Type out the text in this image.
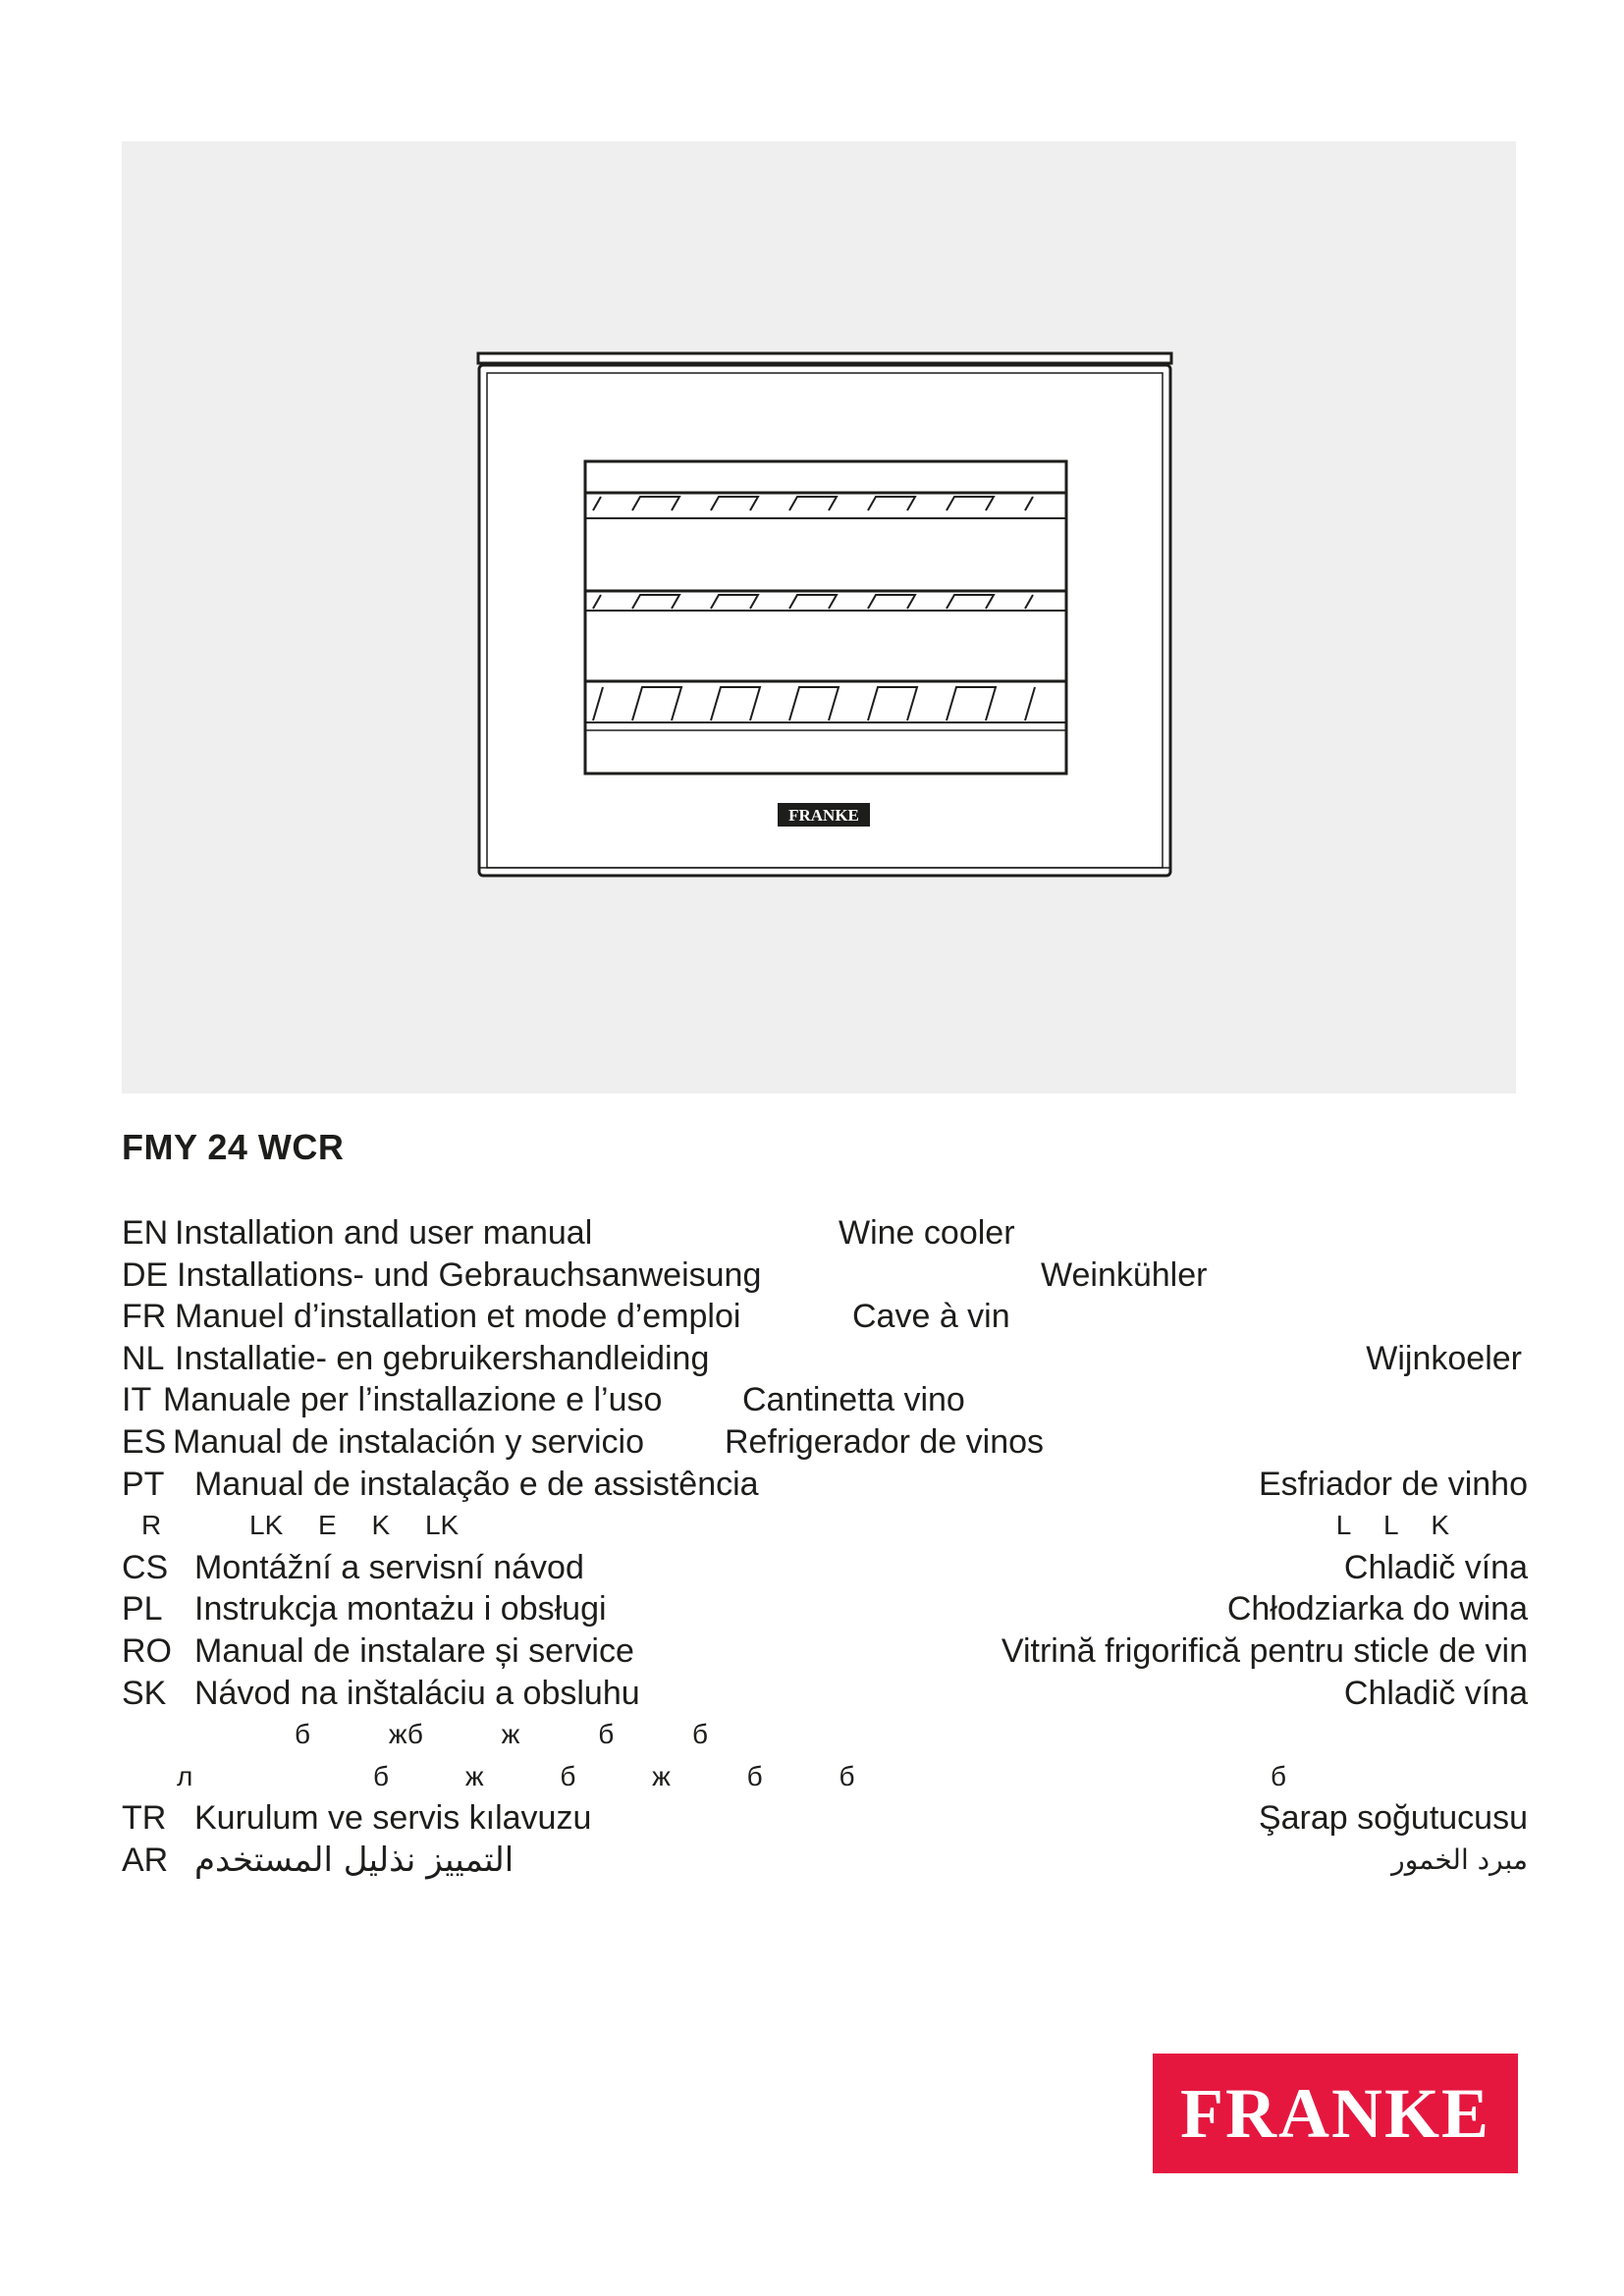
FRANKE
FMY 24 WCR
EN Installation and user manual	Wine cooler
DE Installations- und Gebrauchsanweisung	Weinkühler
FR Manuel d’installation et mode d’emploi	Cave à vin
NL Installatie- en gebruikershandleiding	Wijnkoeler
IT Manuale per l’installazione e l’uso Cantinetta vino
ES Manual de instalación y servicio Refrigerador de vinos
PT Manual de instalação e de assistência	Esfriador de vinho
R	LK E K LK	L L K
CS Montážní a servisní návod	Chladič vína
PL Instrukcja montażu i obsługi	Chłodziarka do wina
RO Manual de instalare și service	Vitrină frigorifică pentru sticle de vin
SK Návod na inštaláciu a obsluhu	Chladič vína
б жб ж б б
л	б ж б ж б б	б
TR Kurulum ve servis kılavuzu	Şarap soğutucusu
AR التمييز نذليل المستخدم	مبرد الخمور
FRANKE
